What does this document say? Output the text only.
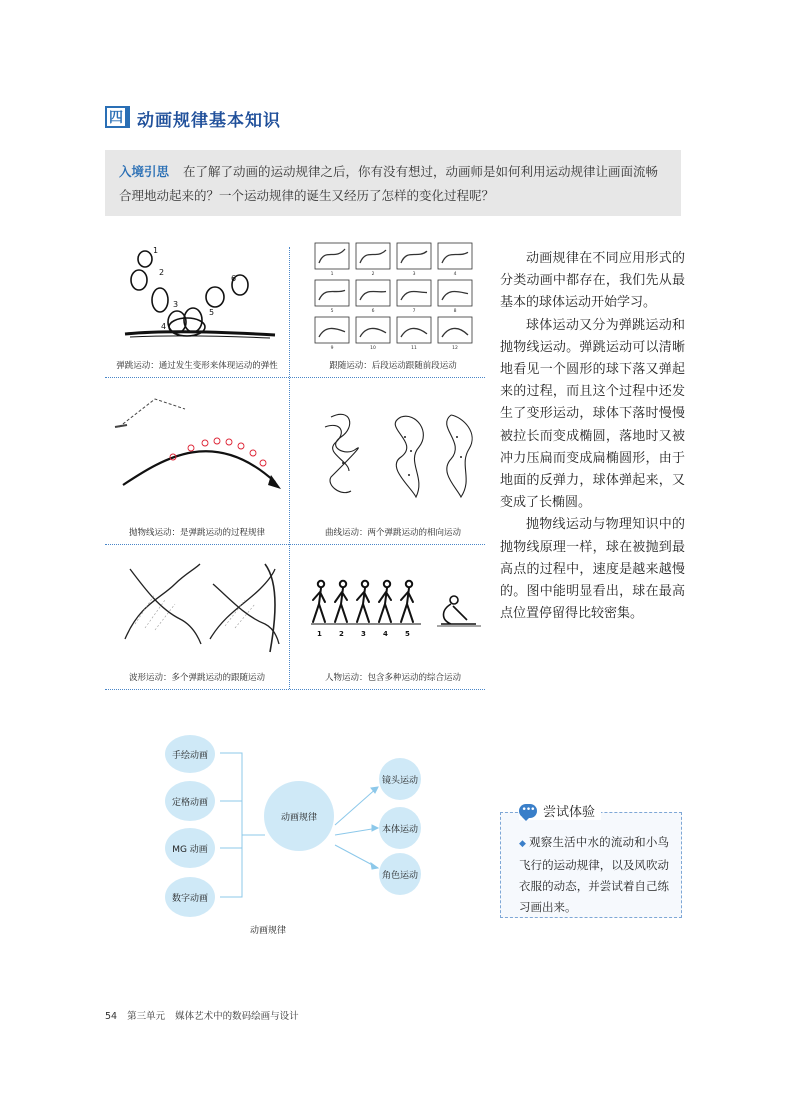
四 动画规律基本知识
入境引思 在了解了动画的运动规律之后，你有没有想过，动画师是如何利用运动规律让画面流畅合理地动起来的？一个运动规律的诞生又经历了怎样的变化过程呢？
1
2
3
4
5
6
弹跳运动：通过发生变形来体现运动的弹性
1	2	3	4
5	6	7	8
9	10	11	12
跟随运动：后段运动跟随前段运动
抛物线运动：是弹跳运动的过程规律	曲线运动：两个弹跳运动的相向运动
波形运动：多个弹跳运动的跟随运动
1 2 3 4 5
人物运动：包含多种运动的综合运动

动画规律在不同应用形式的分类动画中都存在，我们先从最基本的球体运动开始学习。

球体运动又分为弹跳运动和抛物线运动。弹跳运动可以清晰地看见一个圆形的球下落又弹起来的过程，而且这个过程中还发生了变形运动，球体下落时慢慢被拉长而变成椭圆，落地时又被冲力压扁而变成扁椭圆形，由于地面的反弹力，球体弹起来，又变成了长椭圆。

抛物线运动与物理知识中的抛物线原理一样，球在被抛到最高点的过程中，速度是越来越慢的。图中能明显看出，球在最高点位置停留得比较密集。

手绘动画
定格动画
MG 动画
数字动画
动画规律
镜头运动
本体运动
角色运动
动画规律
••• 尝试体验
◆ 观察生活中水的流动和小鸟飞行的运动规律，以及风吹动衣服的动态，并尝试着自己练习画出来。
54 第三单元 媒体艺术中的数码绘画与设计
